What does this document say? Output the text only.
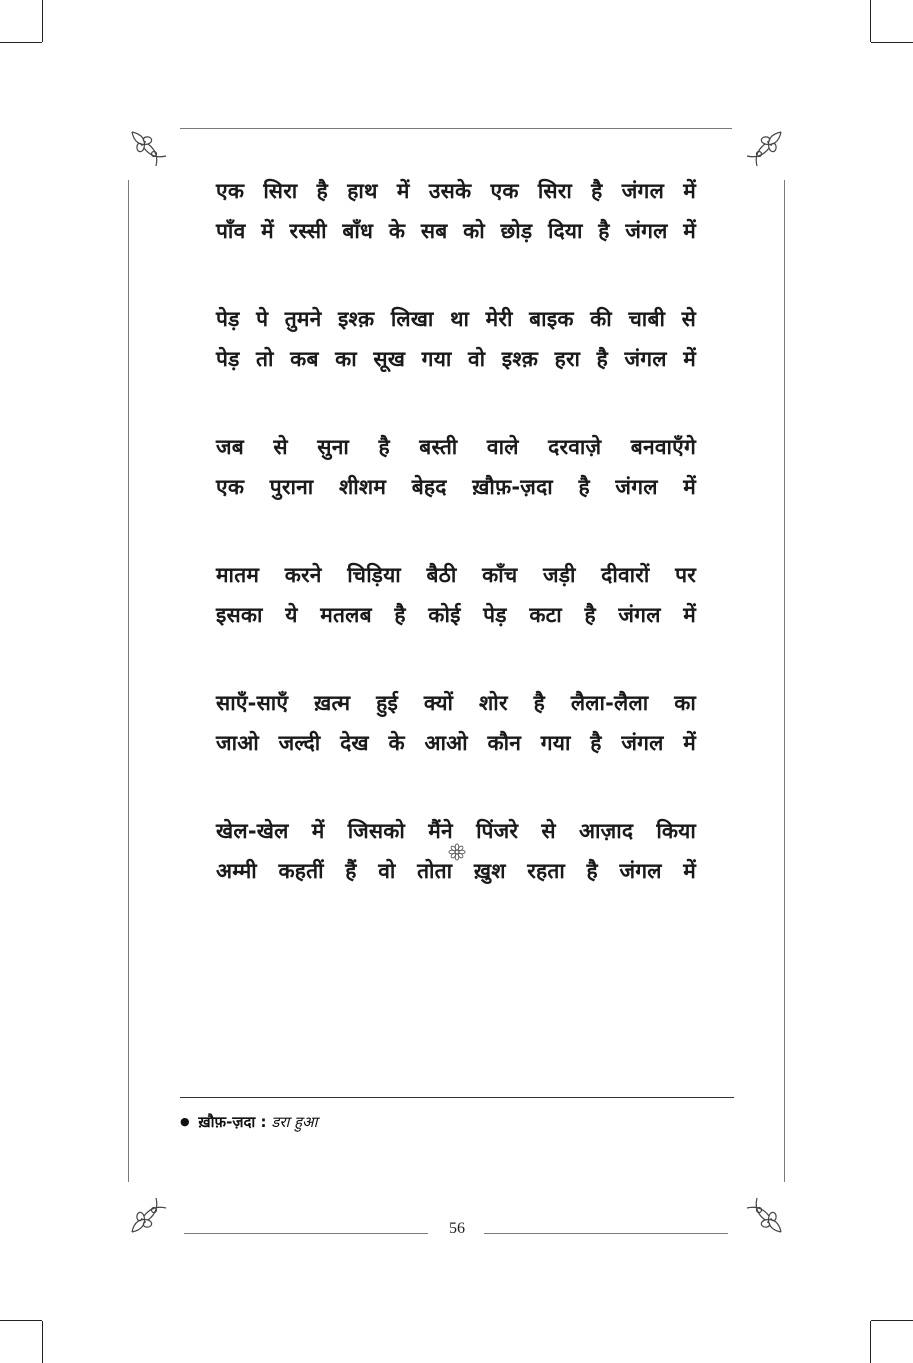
एक सिरा है हाथ में उसके एक सिरा है जंगल में
पाँव में रस्सी बाँध के सब को छोड़ दिया है जंगल में
पेड़ पे तुमने इश्क़ लिखा था मेरी बाइक की चाबी से
पेड़ तो कब का सूख गया वो इश्क़ हरा है जंगल में
जब से सुना है बस्ती वाले दरवाज़े बनवाएँगे
एक पुराना शीशम बेहद ख़ौफ़-ज़दा है जंगल में
मातम करने चिड़िया बैठी काँच जड़ी दीवारों पर
इसका ये मतलब है कोई पेड़ कटा है जंगल में
साएँ-साएँ ख़त्म हुई क्यों शोर है लैला-लैला का
जाओ जल्दी देख के आओ कौन गया है जंगल में
खेल-खेल में जिसको मैंने पिंजरे से आज़ाद किया
अम्मी कहतीं हैं वो तोता ख़ुश रहता है जंगल में
● ख़ौफ़-ज़दा : डरा हुआ
56
